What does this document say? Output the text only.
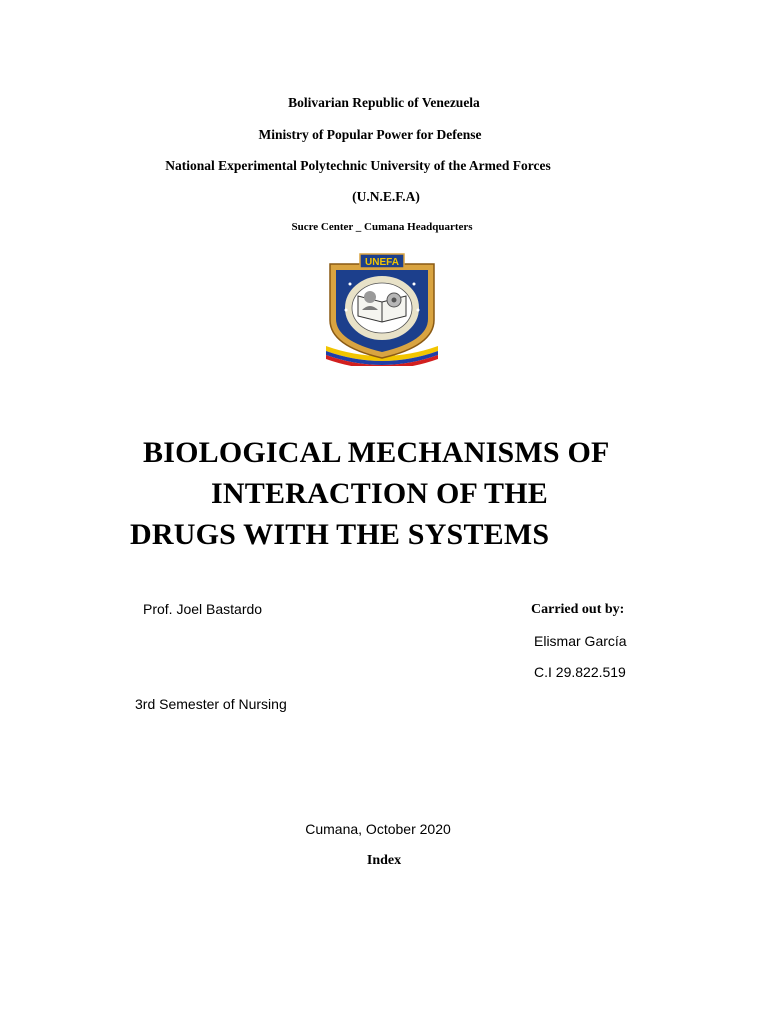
Bolivarian Republic of Venezuela
Ministry of Popular Power for Defense
National Experimental Polytechnic University of the Armed Forces
(U.N.E.F.A)
Sucre Center _ Cumana Headquarters
UNEFA
BIOLOGICAL MECHANISMS OF
INTERACTION OF THE
DRUGS WITH THE SYSTEMS
Prof. Joel Bastardo	Carried out by:
Elismar García
C.I 29.822.519
3rd Semester of Nursing
Cumana, October 2020
Index
